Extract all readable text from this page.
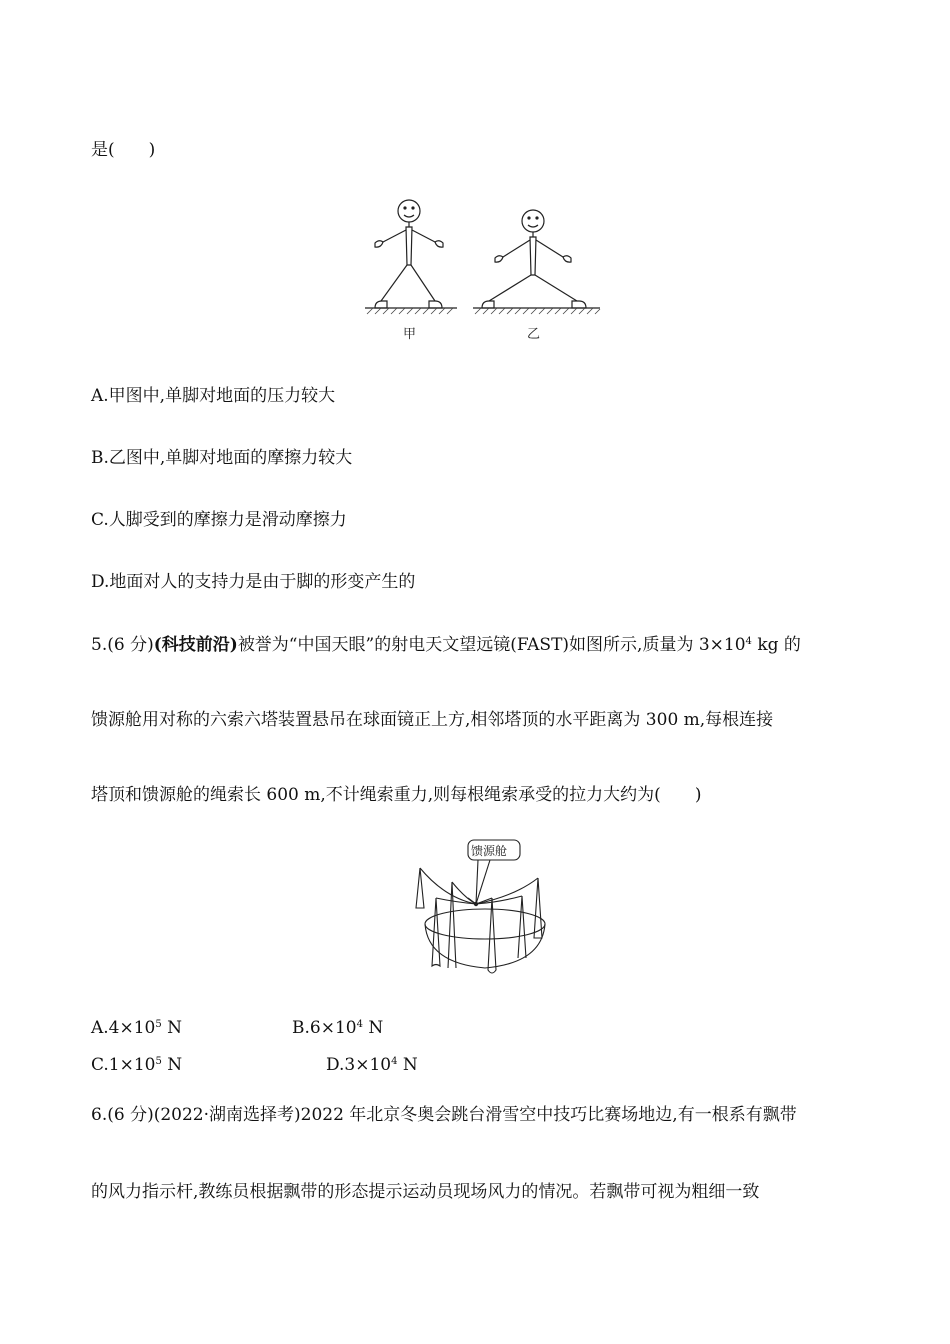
是(　　)
甲	乙
A.甲图中,单脚对地面的压力较大
B.乙图中,单脚对地面的摩擦力较大
C.人脚受到的摩擦力是滑动摩擦力
D.地面对人的支持力是由于脚的形变产生的
5.(6 分)(科技前沿)被誉为“中国天眼”的射电天文望远镜(FAST)如图所示,质量为 $3\times 10^4$ kg 的
馈源舱用对称的六索六塔装置悬吊在球面镜正上方,相邻塔顶的水平距离为 300 m,每根连接
塔顶和馈源舱的绳索长 600 m,不计绳索重力,则每根绳索承受的拉力大约为(　　)
馈源舱
$A.4\times 10^5$ N	$B.6\times 10^4$ N
$C.1\times 10^5$ N	$D.3\times 10^4$ N
6.(6 分)(2022·湖南选择考)2022 年北京冬奥会跳台滑雪空中技巧比赛场地边,有一根系有飘带
的风力指示杆,教练员根据飘带的形态提示运动员现场风力的情况。若飘带可视为粗细一致
